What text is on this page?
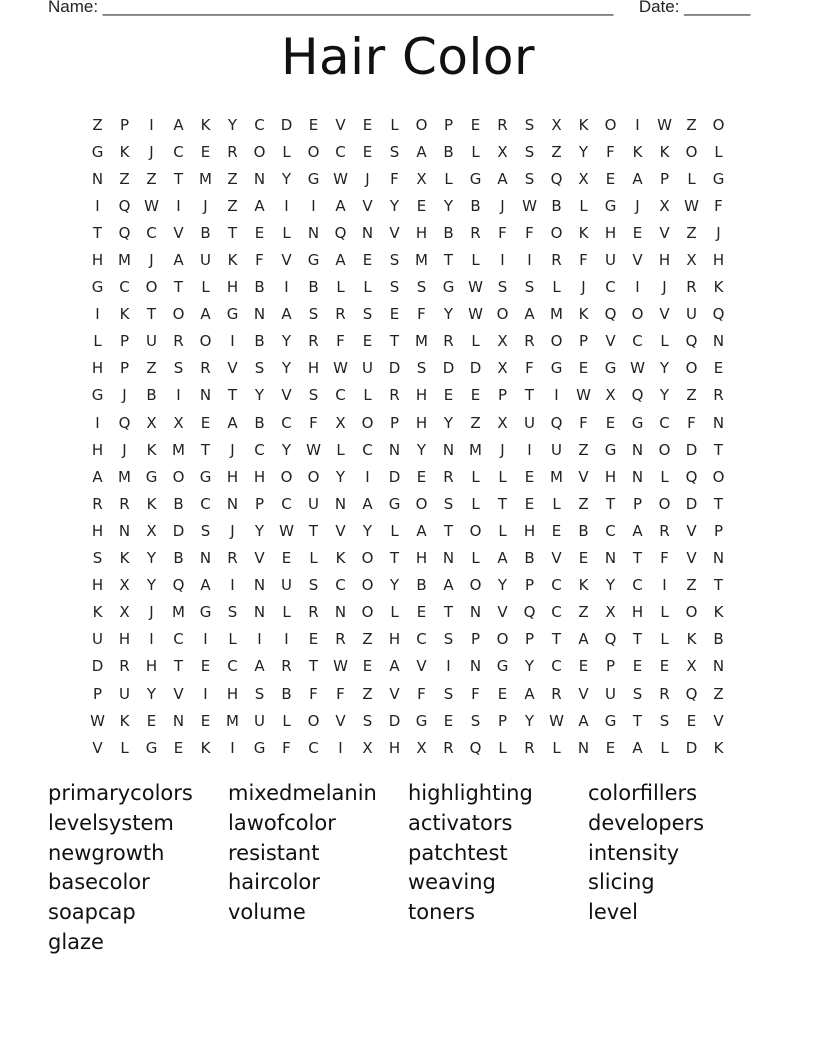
Name: ______________________________________________________ Date: _______
Hair Color
Z	P	I	A	K	Y	C	D	E	V	E	L	O	P	E	R	S	X	K	O	I	W Z	O
G	K	J	C	E	R	O	L	O	C	E	S	A	B	L	X	S	Z	Y	F	K	K	O	L
N	Z	Z	T	M	Z	N	Y	G W	J	F	X	L	G	A	S	Q	X	E	A	P	L	G
I	Q W	I	J	Z	A	I	I	A	V	Y	E	Y	B	J	W B	L	G	J	X W	F
T	Q	C	V	B	T	E	L	N	Q	N	V	H	B	R	F	F	O	K	H	E	V	Z	J
H M	J	A	U	K	F	V	G	A	E	S	M	T	L	I	I	R	F	U	V	H	X	H
G	C	O	T	L	H	B	I	B	L	L	S	S	G W S	S	L	J	C	I	J	R	K
I	K	T	O	A	G	N	A	S	R	S	E	F	Y	W O	A	M	K	Q	O	V	U	Q
L	P	U	R	O	I	B	Y	R	F	E	T	M	R	L	X	R	O	P	V	C	L	Q	N
H	P	Z	S	R	V	S	Y	H W U	D	S	D	D	X	F	G	E	G W Y	O	E
G	J	B	I	N	T	Y	V	S	C	L	R	H	E	E	P	T	I	W X	Q	Y	Z	R
I	Q	X	X	E	A	B	C	F	X	O	P	H	Y	Z	X	U	Q	F	E	G	C	F	N
H	J	K	M	T	J	C	Y	W	L	C	N	Y	N M	J	I	U	Z	G	N	O	D	T
A	M G	O	G	H	H	O	O	Y	I	D	E	R	L	L	E	M	V	H	N	L	Q	O
R	R	K	B	C	N	P	C	U	N	A	G	O	S	L	T	E	L	Z	T	P	O	D	T
H	N	X	D	S	J	Y	W T	V	Y	L	A	T	O	L	H	E	B	C	A	R	V	P
S	K	Y	B	N	R	V	E	L	K	O	T	H	N	L	A	B	V	E	N	T	F	V	N
H	X	Y	Q	A	I	N	U	S	C	O	Y	B	A	O	Y	P	C	K	Y	C	I	Z	T
K	X	J	M G	S	N	L	R	N	O	L	E	T	N	V	Q	C	Z	X	H	L	O	K
U	H	I	C	I	L	I	I	E	R	Z	H	C	S	P	O	P	T	A	Q	T	L	K	B
D	R	H	T	E	C	A	R	T	W E	A	V	I	N	G	Y	C	E	P	E	E	X	N
P	U	Y	V	I	H	S	B	F	F	Z	V	F	S	F	E	A	R	V	U	S	R	Q	Z
W K	E	N	E	M	U	L	O	V	S	D	G	E	S	P	Y	W A	G	T	S	E	V
V	L	G	E	K	I	G	F	C	I	X	H	X	R	Q	L	R	L	N	E	A	L	D	K
primarycolors	mixedmelanin	highlighting	colorfillers
levelsystem	lawofcolor	activators	developers
newgrowth	resistant	patchtest	intensity
basecolor	haircolor	weaving	slicing
soapcap	volume	toners	level
glaze
